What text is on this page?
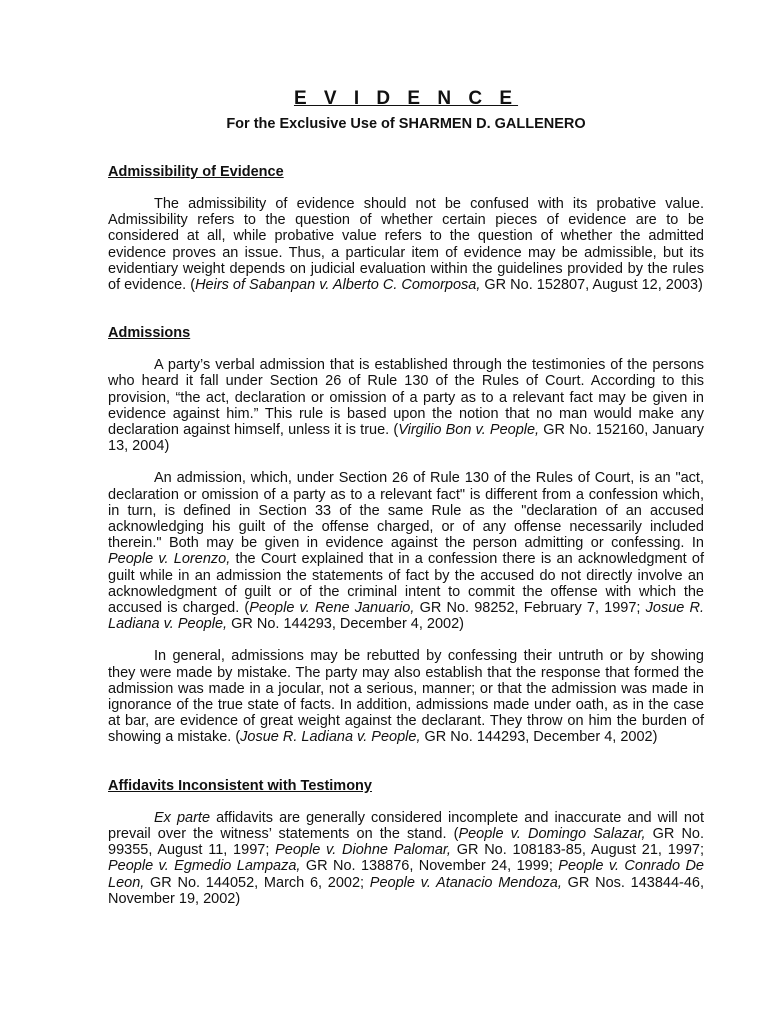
E V I D E N C E
For the Exclusive Use of SHARMEN D. GALLENERO
Admissibility of Evidence

The admissibility of evidence should not be confused with its probative value. Admissibility refers to the question of whether certain pieces of evidence are to be considered at all, while probative value refers to the question of whether the admitted evidence proves an issue. Thus, a particular item of evidence may be admissible, but its evidentiary weight depends on judicial evaluation within the guidelines provided by the rules of evidence. (Heirs of Sabanpan v. Alberto C. Comorposa, GR No. 152807, August 12, 2003)

Admissions

A party’s verbal admission that is established through the testimonies of the persons who heard it fall under Section 26 of Rule 130 of the Rules of Court. According to this provision, “the act, declaration or omission of a party as to a relevant fact may be given in evidence against him.” This rule is based upon the notion that no man would make any declaration against himself, unless it is true. (Virgilio Bon v. People, GR No. 152160, January 13, 2004)

An admission, which, under Section 26 of Rule 130 of the Rules of Court, is an "act, declaration or omission of a party as to a relevant fact" is different from a confession which, in turn, is defined in Section 33 of the same Rule as the "declaration of an accused acknowledging his guilt of the offense charged, or of any offense necessarily included therein." Both may be given in evidence against the person admitting or confessing. In People v. Lorenzo, the Court explained that in a confession there is an acknowledgment of guilt while in an admission the statements of fact by the accused do not directly involve an acknowledgment of guilt or of the criminal intent to commit the offense with which the accused is charged. (People v. Rene Januario, GR No. 98252, February 7, 1997; Josue R. Ladiana v. People, GR No. 144293, December 4, 2002)

In general, admissions may be rebutted by confessing their untruth or by showing they were made by mistake. The party may also establish that the response that formed the admission was made in a jocular, not a serious, manner; or that the admission was made in ignorance of the true state of facts. In addition, admissions made under oath, as in the case at bar, are evidence of great weight against the declarant. They throw on him the burden of showing a mistake. (Josue R. Ladiana v. People, GR No. 144293, December 4, 2002)

Affidavits Inconsistent with Testimony

Ex parte affidavits are generally considered incomplete and inaccurate and will not prevail over the witness’ statements on the stand. (People v. Domingo Salazar, GR No. 99355, August 11, 1997; People v. Diohne Palomar, GR No. 108183-85, August 21, 1997; People v. Egmedio Lampaza, GR No. 138876, November 24, 1999; People v. Conrado De Leon, GR No. 144052, March 6, 2002; People v. Atanacio Mendoza, GR Nos. 143844-46, November 19, 2002)
